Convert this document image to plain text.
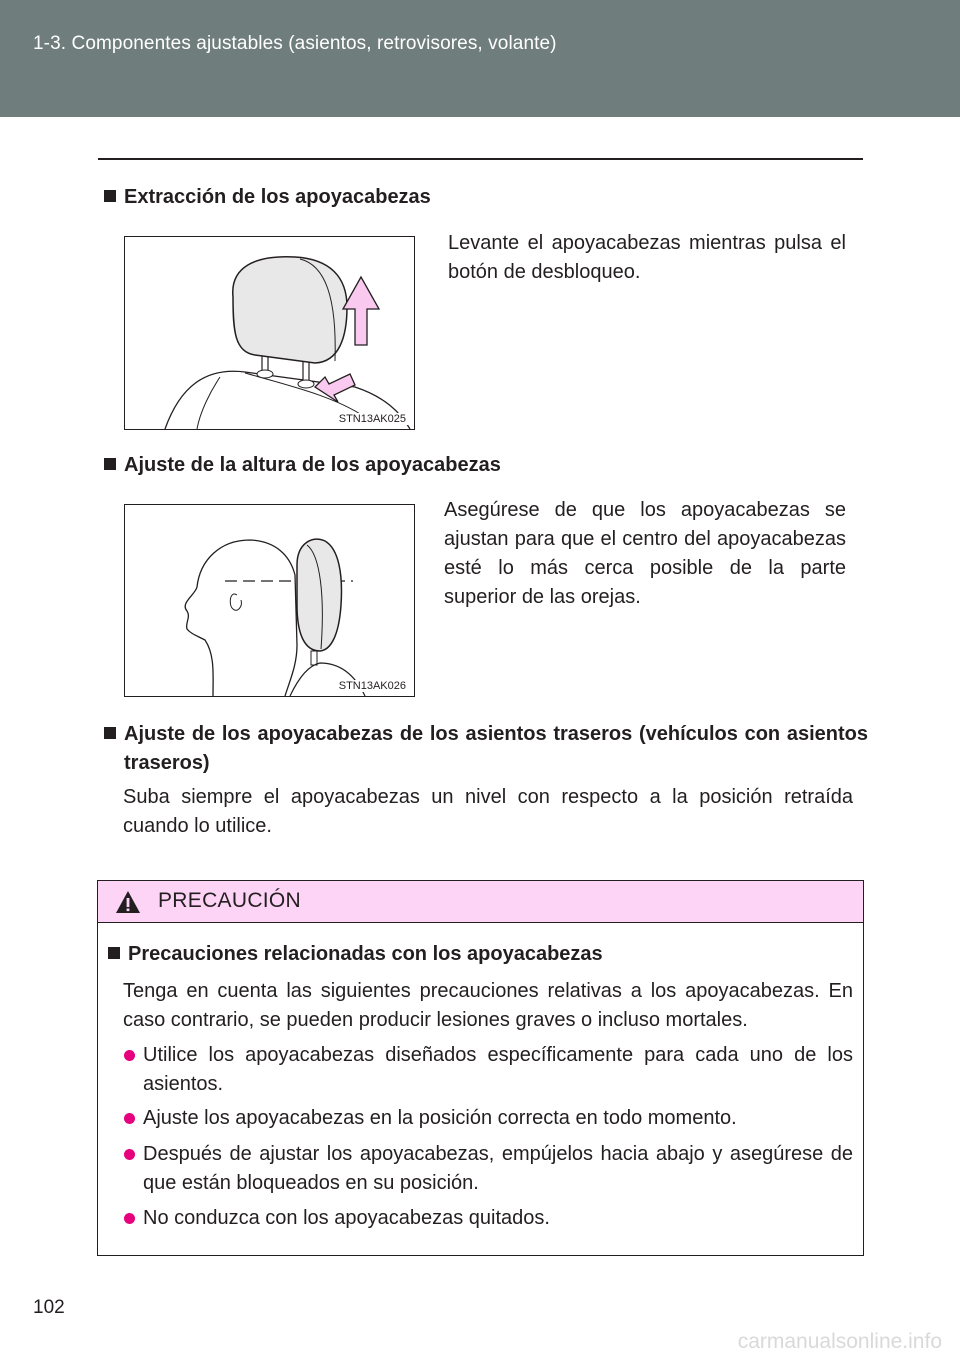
1-3. Componentes ajustables (asientos, retrovisores, volante)
Extracción de los apoyacabezas
STN13AK025
Levante el apoyacabezas mientras pulsa el botón de desbloqueo.
Ajuste de la altura de los apoyacabezas
STN13AK026
Asegúrese de que los apoyacabezas se ajustan para que el centro del apoyacabezas esté lo más cerca posible de la parte superior de las orejas.
Ajuste de los apoyacabezas de los asientos traseros (vehículos con asientos traseros)
Suba siempre el apoyacabezas un nivel con respecto a la posición retraída cuando lo utilice.
PRECAUCIÓN
Precauciones relacionadas con los apoyacabezas
Tenga en cuenta las siguientes precauciones relativas a los apoyacabezas. En caso contrario, se pueden producir lesiones graves o incluso mortales.
Utilice los apoyacabezas diseñados específicamente para cada uno de los asientos.
Ajuste los apoyacabezas en la posición correcta en todo momento.
Después de ajustar los apoyacabezas, empújelos hacia abajo y asegúrese de que están bloqueados en su posición.
No conduzca con los apoyacabezas quitados.
102
carmanualsonline.info
